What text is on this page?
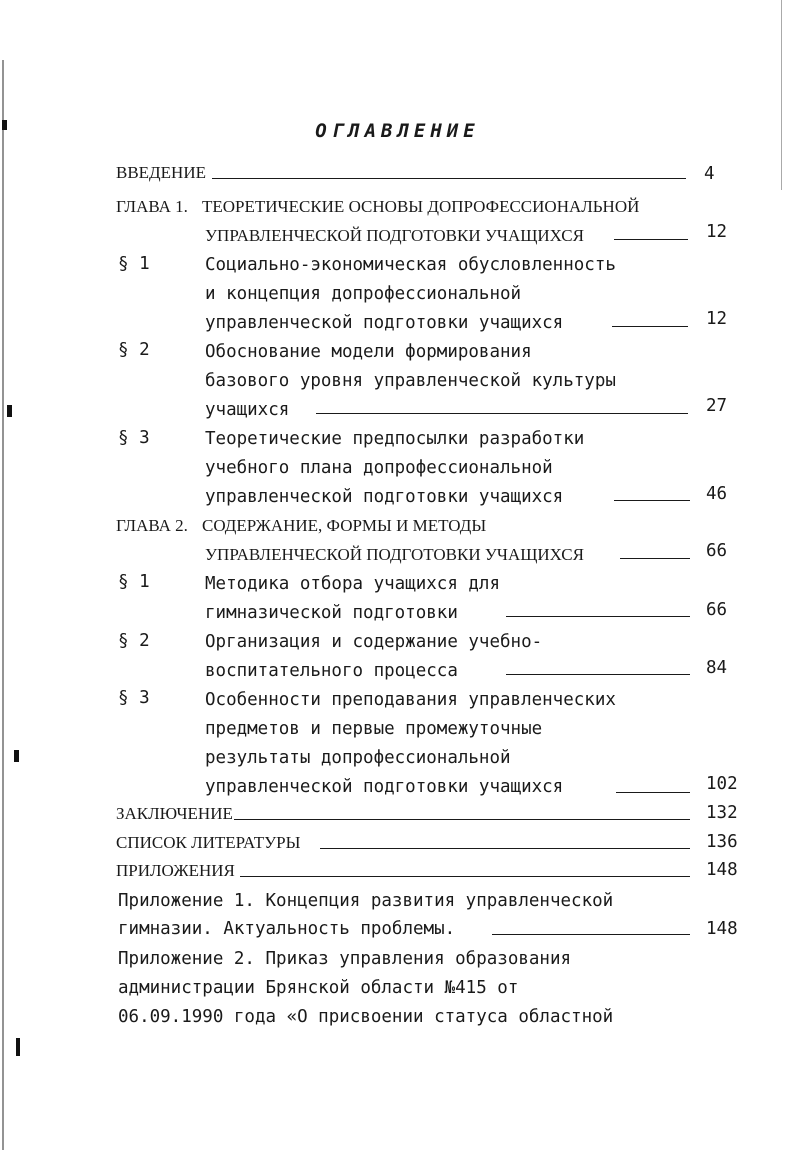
ОГЛАВЛЕНИЕ
ВВЕДЕНИЕ	4
ГЛАВА 1. ТЕОРЕТИЧЕСКИЕ ОСНОВЫ ДОПРОФЕССИОНАЛЬНОЙ
УПРАВЛЕНЧЕСКОЙ ПОДГОТОВКИ УЧАЩИХСЯ	12
§ 1	Социально-экономическая обусловленность
и концепция допрофессиональной
управленческой подготовки учащихся	12
§ 2	Обоснование модели формирования
базового уровня управленческой культуры
учащихся	27
§ 3	Теоретические предпосылки разработки
учебного плана допрофессиональной
управленческой подготовки учащихся	46
ГЛАВА 2. СОДЕРЖАНИЕ, ФОРМЫ И МЕТОДЫ
УПРАВЛЕНЧЕСКОЙ ПОДГОТОВКИ УЧАЩИХСЯ	66
§ 1	Методика отбора учащихся для
гимназической подготовки	66
§ 2	Организация и содержание учебно-
воспитательного процесса	84
§ 3	Особенности преподавания управленческих
предметов и первые промежуточные
результаты допрофессиональной
управленческой подготовки учащихся	102
ЗАКЛЮЧЕНИЕ	132
СПИСОК ЛИТЕРАТУРЫ	136
ПРИЛОЖЕНИЯ	148
Приложение 1. Концепция развития управленческой
гимназии. Актуальность проблемы.	148
Приложение 2. Приказ управления образования
администрации Брянской области №415 от
06.09.1990 года «О присвоении статуса областной
